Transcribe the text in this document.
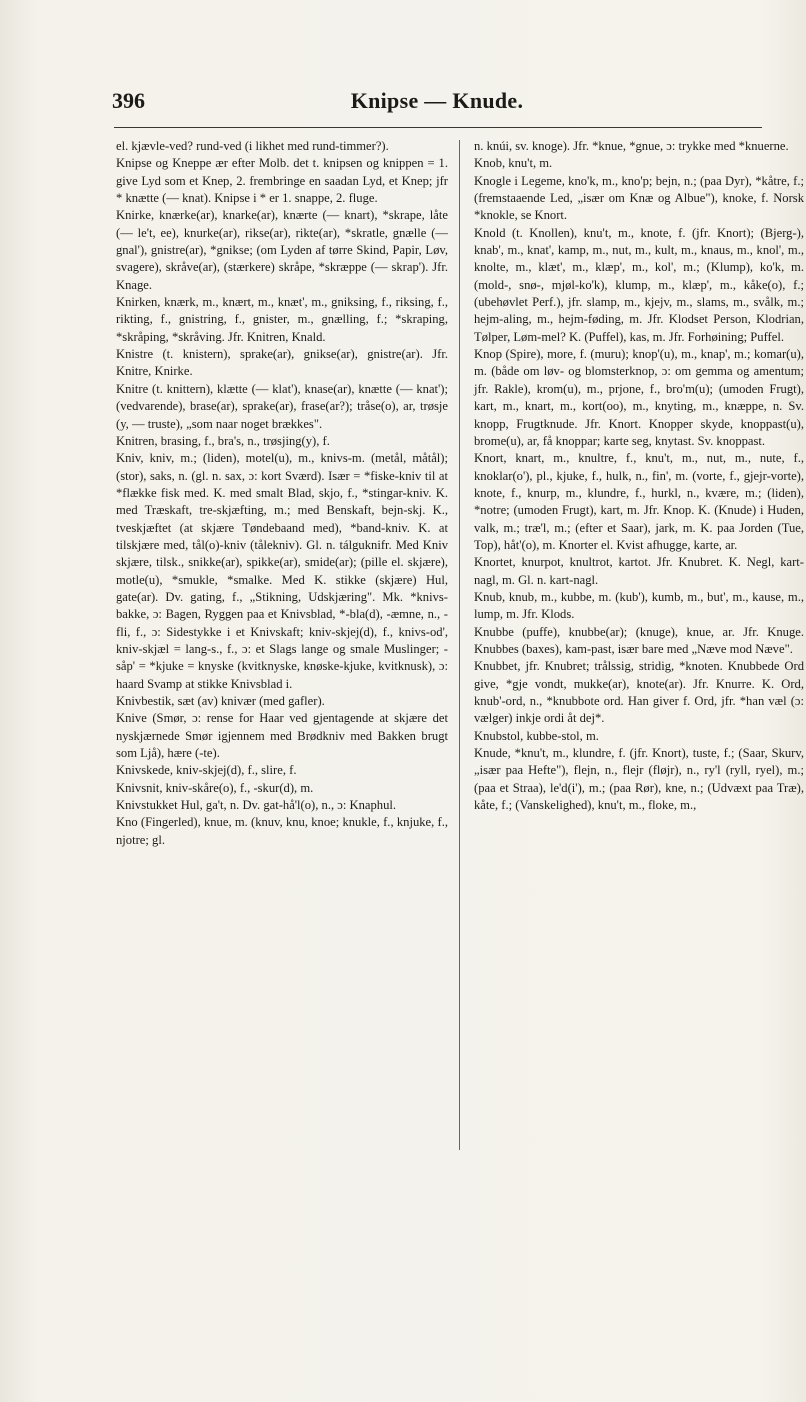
396	Knipse — Knude.

el. kjævle-ved? rund-ved (i likhet med rund-timmer?).

Knipse og Kneppe ær efter Molb. det t. knipsen og knippen = 1. give Lyd som et Knep, 2. frembringe en saadan Lyd, et Knep; jfr * knætte (— knat). Knipse i * er 1. snappe, 2. fluge.

Knirke, knærke(ar), knarke(ar), knærte (— knart), *skrape, låte (— le't, ee), knurke(ar), rikse(ar), rikte(ar), *skratle, gnælle (— gnal'), gnistre(ar), *gnikse; (om Lyden af tørre Skind, Papir, Løv, svagere), skråve(ar), (stærkere) skråpe, *skræppe (— skrap'). Jfr. Knage.

Knirken, knærk, m., knært, m., knæt', m., gniksing, f., riksing, f., rikting, f., gnistring, f., gnister, m., gnælling, f.; *skraping, *skråping, *skråving. Jfr. Knitren, Knald.

Knistre (t. knistern), sprake(ar), gnikse(ar), gnistre(ar). Jfr. Knitre, Knirke.

Knitre (t. knittern), klætte (— klat'), knase(ar), knætte (— knat'); (vedvarende), brase(ar), sprake(ar), frase(ar?); tråse(o), ar, trøsje (y, — truste), „som naar noget brækkes".

Knitren, brasing, f., bra's, n., trøsjing(y), f.

Kniv, kniv, m.; (liden), motel(u), m., knivs-m. (metål, måtål); (stor), saks, n. (gl. n. sax, ɔ: kort Sværd). Især = *fiske-kniv til at *flække fisk med. K. med smalt Blad, skjo, f., *stingar-kniv. K. med Træskaft, tre-skjæfting, m.; med Benskaft, bejn-skj. K., tveskjæftet (at skjære Tøndebaand med), *band-kniv. K. at tilskjære med, tål(o)-kniv (tålekniv). Gl. n. tálguknifr. Med Kniv skjære, tilsk., snikke(ar), spikke(ar), smide(ar); (pille el. skjære), motle(u), *smukle, *smalke. Med K. stikke (skjære) Hul, gate(ar). Dv. gating, f., „Stikning, Udskjæring". Mk. *knivs-bakke, ɔ: Bagen, Ryggen paa et Knivsblad, *-bla(d), -æmne, n., -fli, f., ɔ: Sidestykke i et Knivskaft; kniv-skjej(d), f., knivs-od', kniv-skjæl = lang-s., f., ɔ: et Slags lange og smale Muslinger; -såp' = *kjuke = knyske (kvitknyske, knøske-kjuke, kvitknusk), ɔ: haard Svamp at stikke Knivsblad i.

Knivbestik, sæt (av) knivær (med gafler).

Knive (Smør, ɔ: rense for Haar ved gjentagende at skjære det nyskjærnede Smør igjennem med Brødkniv med Bakken brugt som Ljå), hære (-te).

Knivskede, kniv-skjej(d), f., slire, f.

Knivsnit, kniv-skåre(o), f., -skur(d), m.

Knivstukket Hul, ga't, n. Dv. gat-hå'l(o), n., ɔ: Knaphul.

Kno (Fingerled), knue, m. (knuv, knu, knoe; knukle, f., knjuke, f., njotre; gl.

n. knúi, sv. knoge). Jfr. *knue, *gnue, ɔ: trykke med *knuerne.

Knob, knu't, m.

Knogle i Legeme, kno'k, m., kno'p; bejn, n.; (paa Dyr), *kåtre, f.; (fremstaaende Led, „især om Knæ og Albue"), knoke, f. Norsk *knokle, se Knort.

Knold (t. Knollen), knu't, m., knote, f. (jfr. Knort); (Bjerg-), knab', m., knat', kamp, m., nut, m., kult, m., knaus, m., knol', m., knolte, m., klæt', m., klæp', m., kol', m.; (Klump), ko'k, m. (mold-, snø-, mjøl-ko'k), klump, m., klæp', m., kåke(o), f.; (ubehøvlet Perf.), jfr. slamp, m., kjejv, m., slams, m., svålk, m.; hejm-aling, m., hejm-føding, m. Jfr. Klodset Person, Klodrian, Tølper, Løm-mel? K. (Puffel), kas, m. Jfr. Forhøining; Puffel.

Knop (Spire), more, f. (muru); knop'(u), m., knap', m.; komar(u), m. (både om løv- og blomsterknop, ɔ: om gemma og amentum; jfr. Rakle), krom(u), m., prjone, f., bro'm(u); (umoden Frugt), kart, m., knart, m., kort(oo), m., knyting, m., knæppe, n. Sv. knopp, Frugtknude. Jfr. Knort. Knopper skyde, knoppast(u), brome(u), ar, få knoppar; karte seg, knytast. Sv. knoppast.

Knort, knart, m., knultre, f., knu't, m., nut, m., nute, f., knoklar(o'), pl., kjuke, f., hulk, n., fin', m. (vorte, f., gjejr-vorte), knote, f., knurp, m., klundre, f., hurkl, n., kvære, m.; (liden), *notre; (umoden Frugt), kart, m. Jfr. Knop. K. (Knude) i Huden, valk, m.; træ'l, m.; (efter et Saar), jark, m. K. paa Jorden (Tue, Top), håt'(o), m. Knorter el. Kvist afhugge, karte, ar.

Knortet, knurpot, knultrot, kartot. Jfr. Knubret. K. Negl, kart-nagl, m. Gl. n. kart-nagl.

Knub, knub, m., kubbe, m. (kub'), kumb, m., but', m., kause, m., lump, m. Jfr. Klods.

Knubbe (puffe), knubbe(ar); (knuge), knue, ar. Jfr. Knuge. Knubbes (baxes), kam-past, især bare med „Næve mod Næve".

Knubbet, jfr. Knubret; trålssig, stridig, *knoten. Knubbede Ord give, *gje vondt, mukke(ar), knote(ar). Jfr. Knurre. K. Ord, knub'-ord, n., *knubbote ord. Han giver f. Ord, jfr. *han væl (ɔ: vælger) inkje ordi åt dej*.

Knubstol, kubbe-stol, m.

Knude, *knu't, m., klundre, f. (jfr. Knort), tuste, f.; (Saar, Skurv, „især paa Hefte"), flejn, n., flejr (fløjr), n., ry'l (ryll, ryel), m.; (paa et Straa), le'd(i'), m.; (paa Rør), kne, n.; (Udvæxt paa Træ), kåte, f.; (Vanskelighed), knu't, m., floke, m.,
